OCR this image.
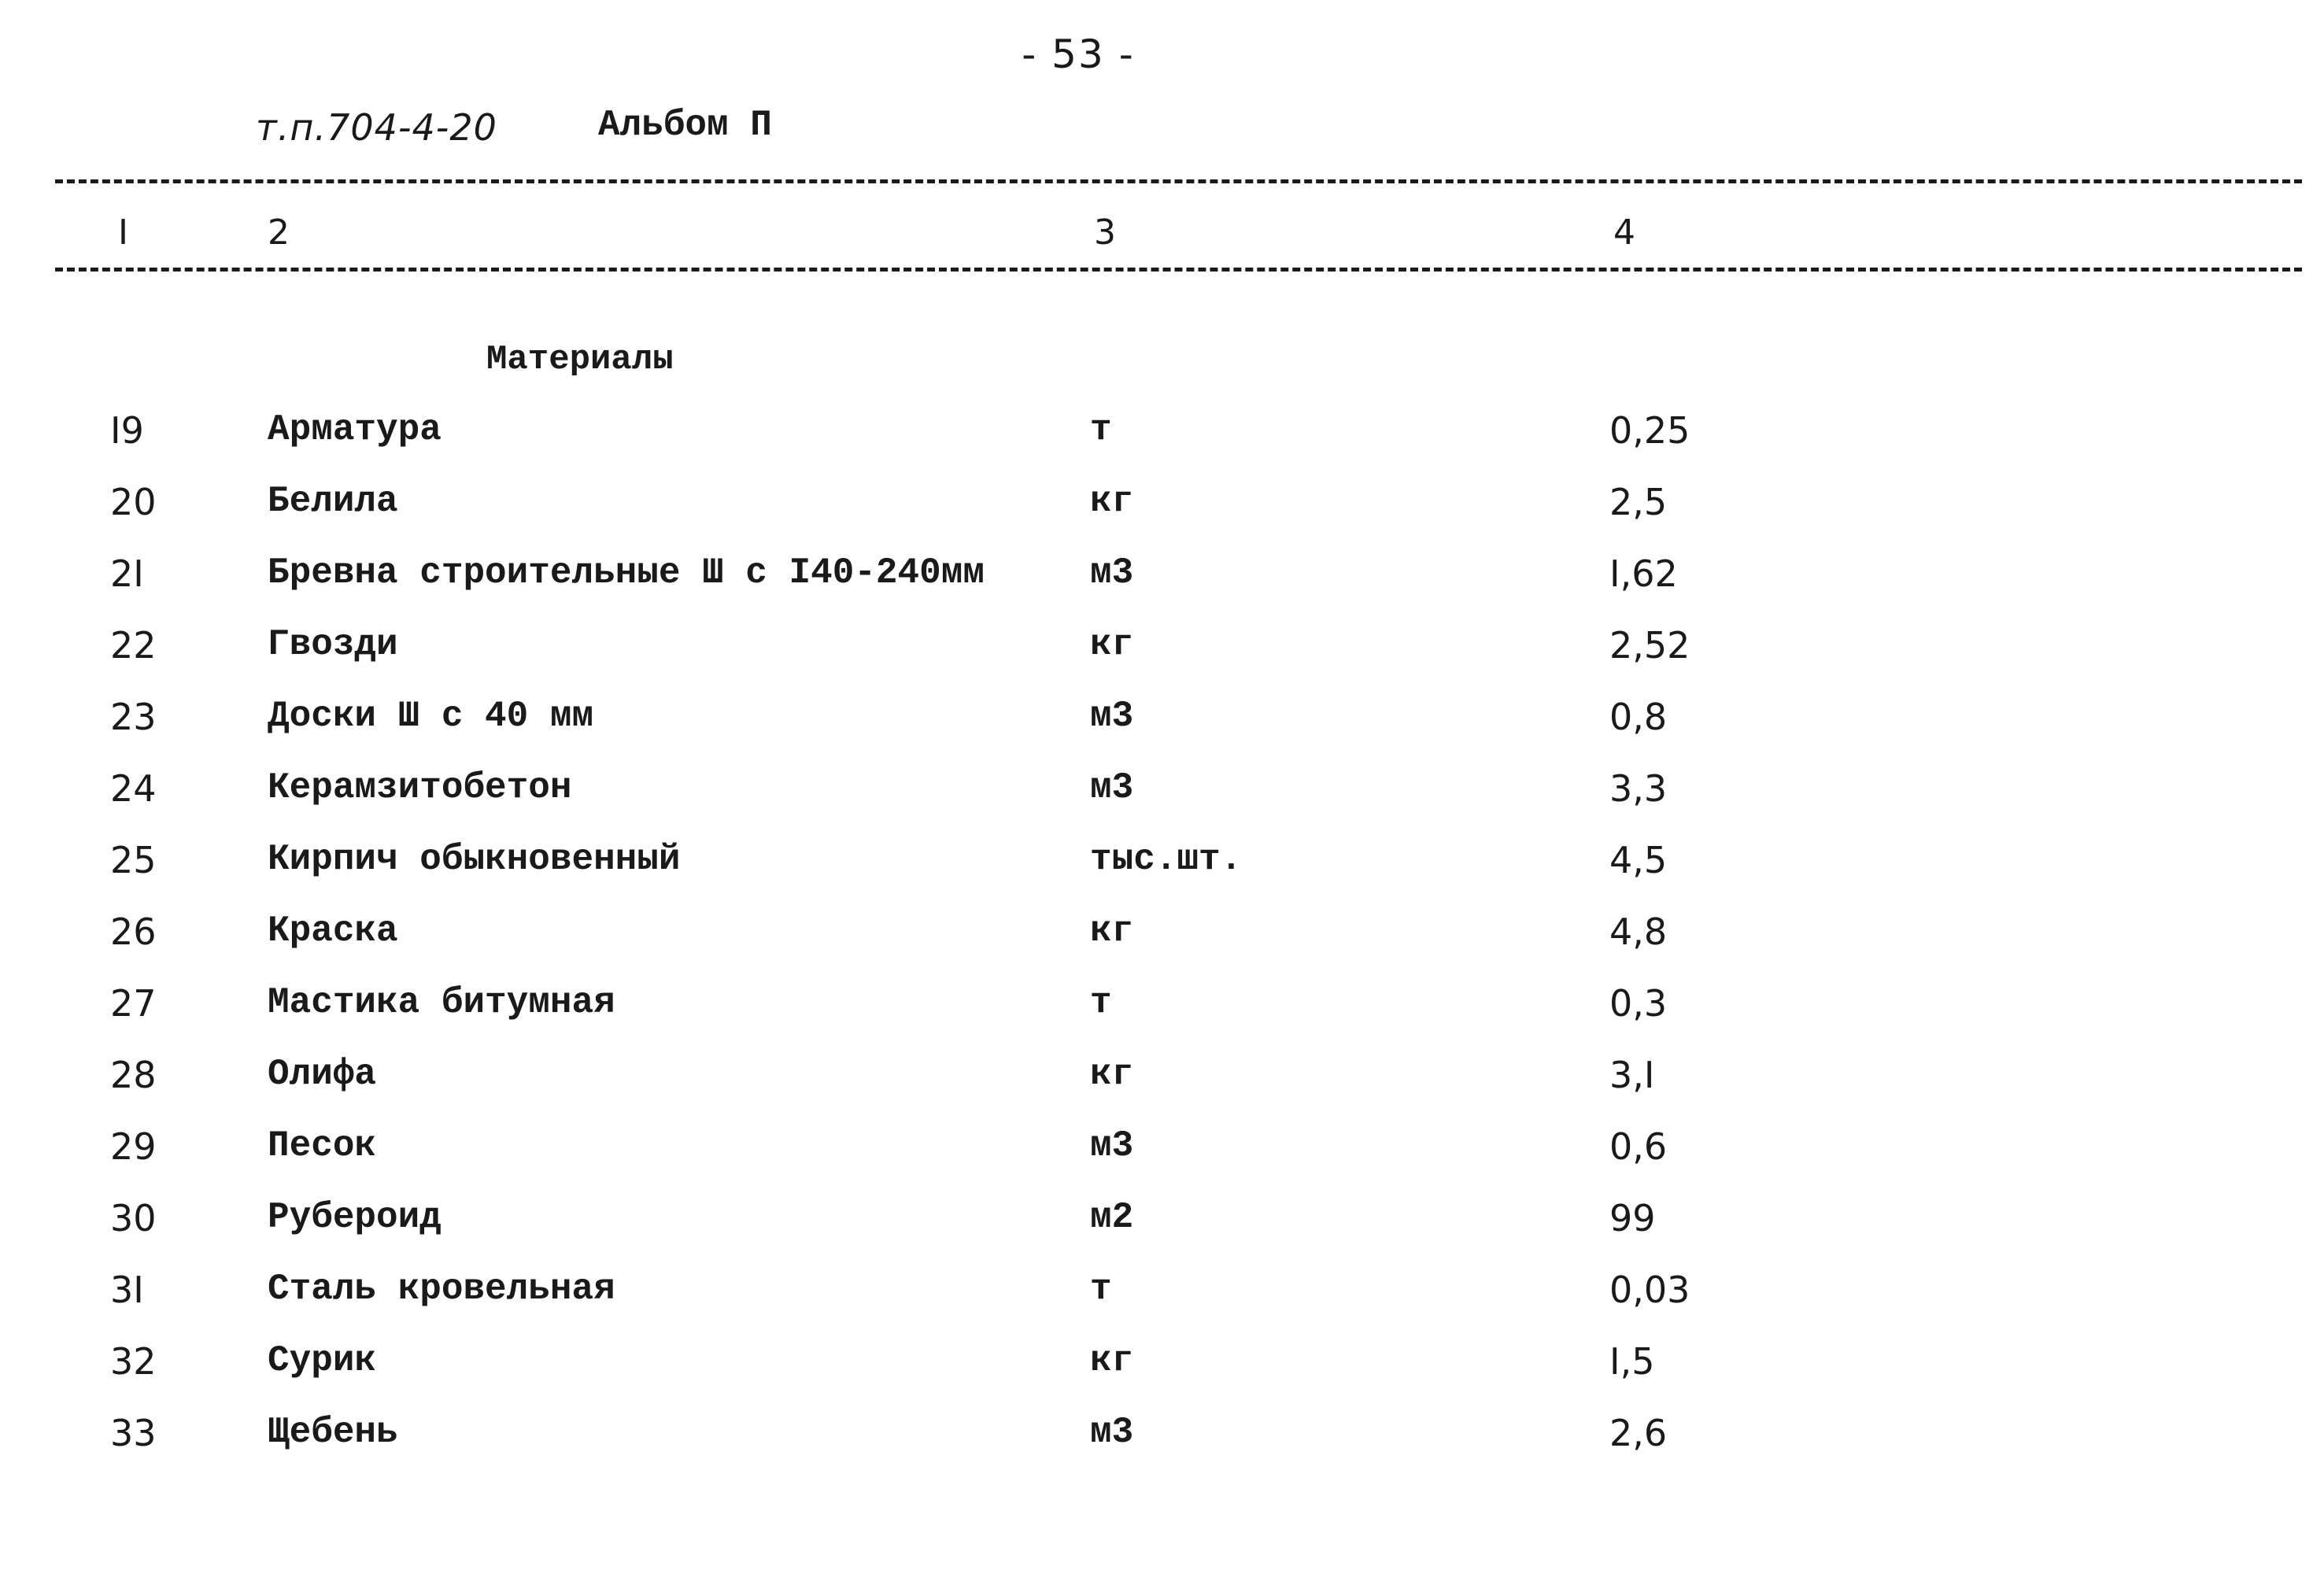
- 53 -
т.п.704-4-20	Альбом П
I	2	3	4
Материалы
I9	Арматура	т	0,25
20	Белила	кг	2,5
2I	Бревна строительные Ш с I40-240мм	м3	I,62
22	Гвозди	кг	2,52
23	Доски Ш с 40 мм	м3	0,8
24	Керамзитобетон	м3	3,3
25	Кирпич обыкновенный	тыс.шт.	4,5
26	Краска	кг	4,8
27	Мастика битумная	т	0,3
28	Олифа	кг	3,I
29	Песок	м3	0,6
30	Рубероид	м2	99
3I	Сталь кровельная	т	0,03
32	Сурик	кг	I,5
33	Щебень	м3	2,6
